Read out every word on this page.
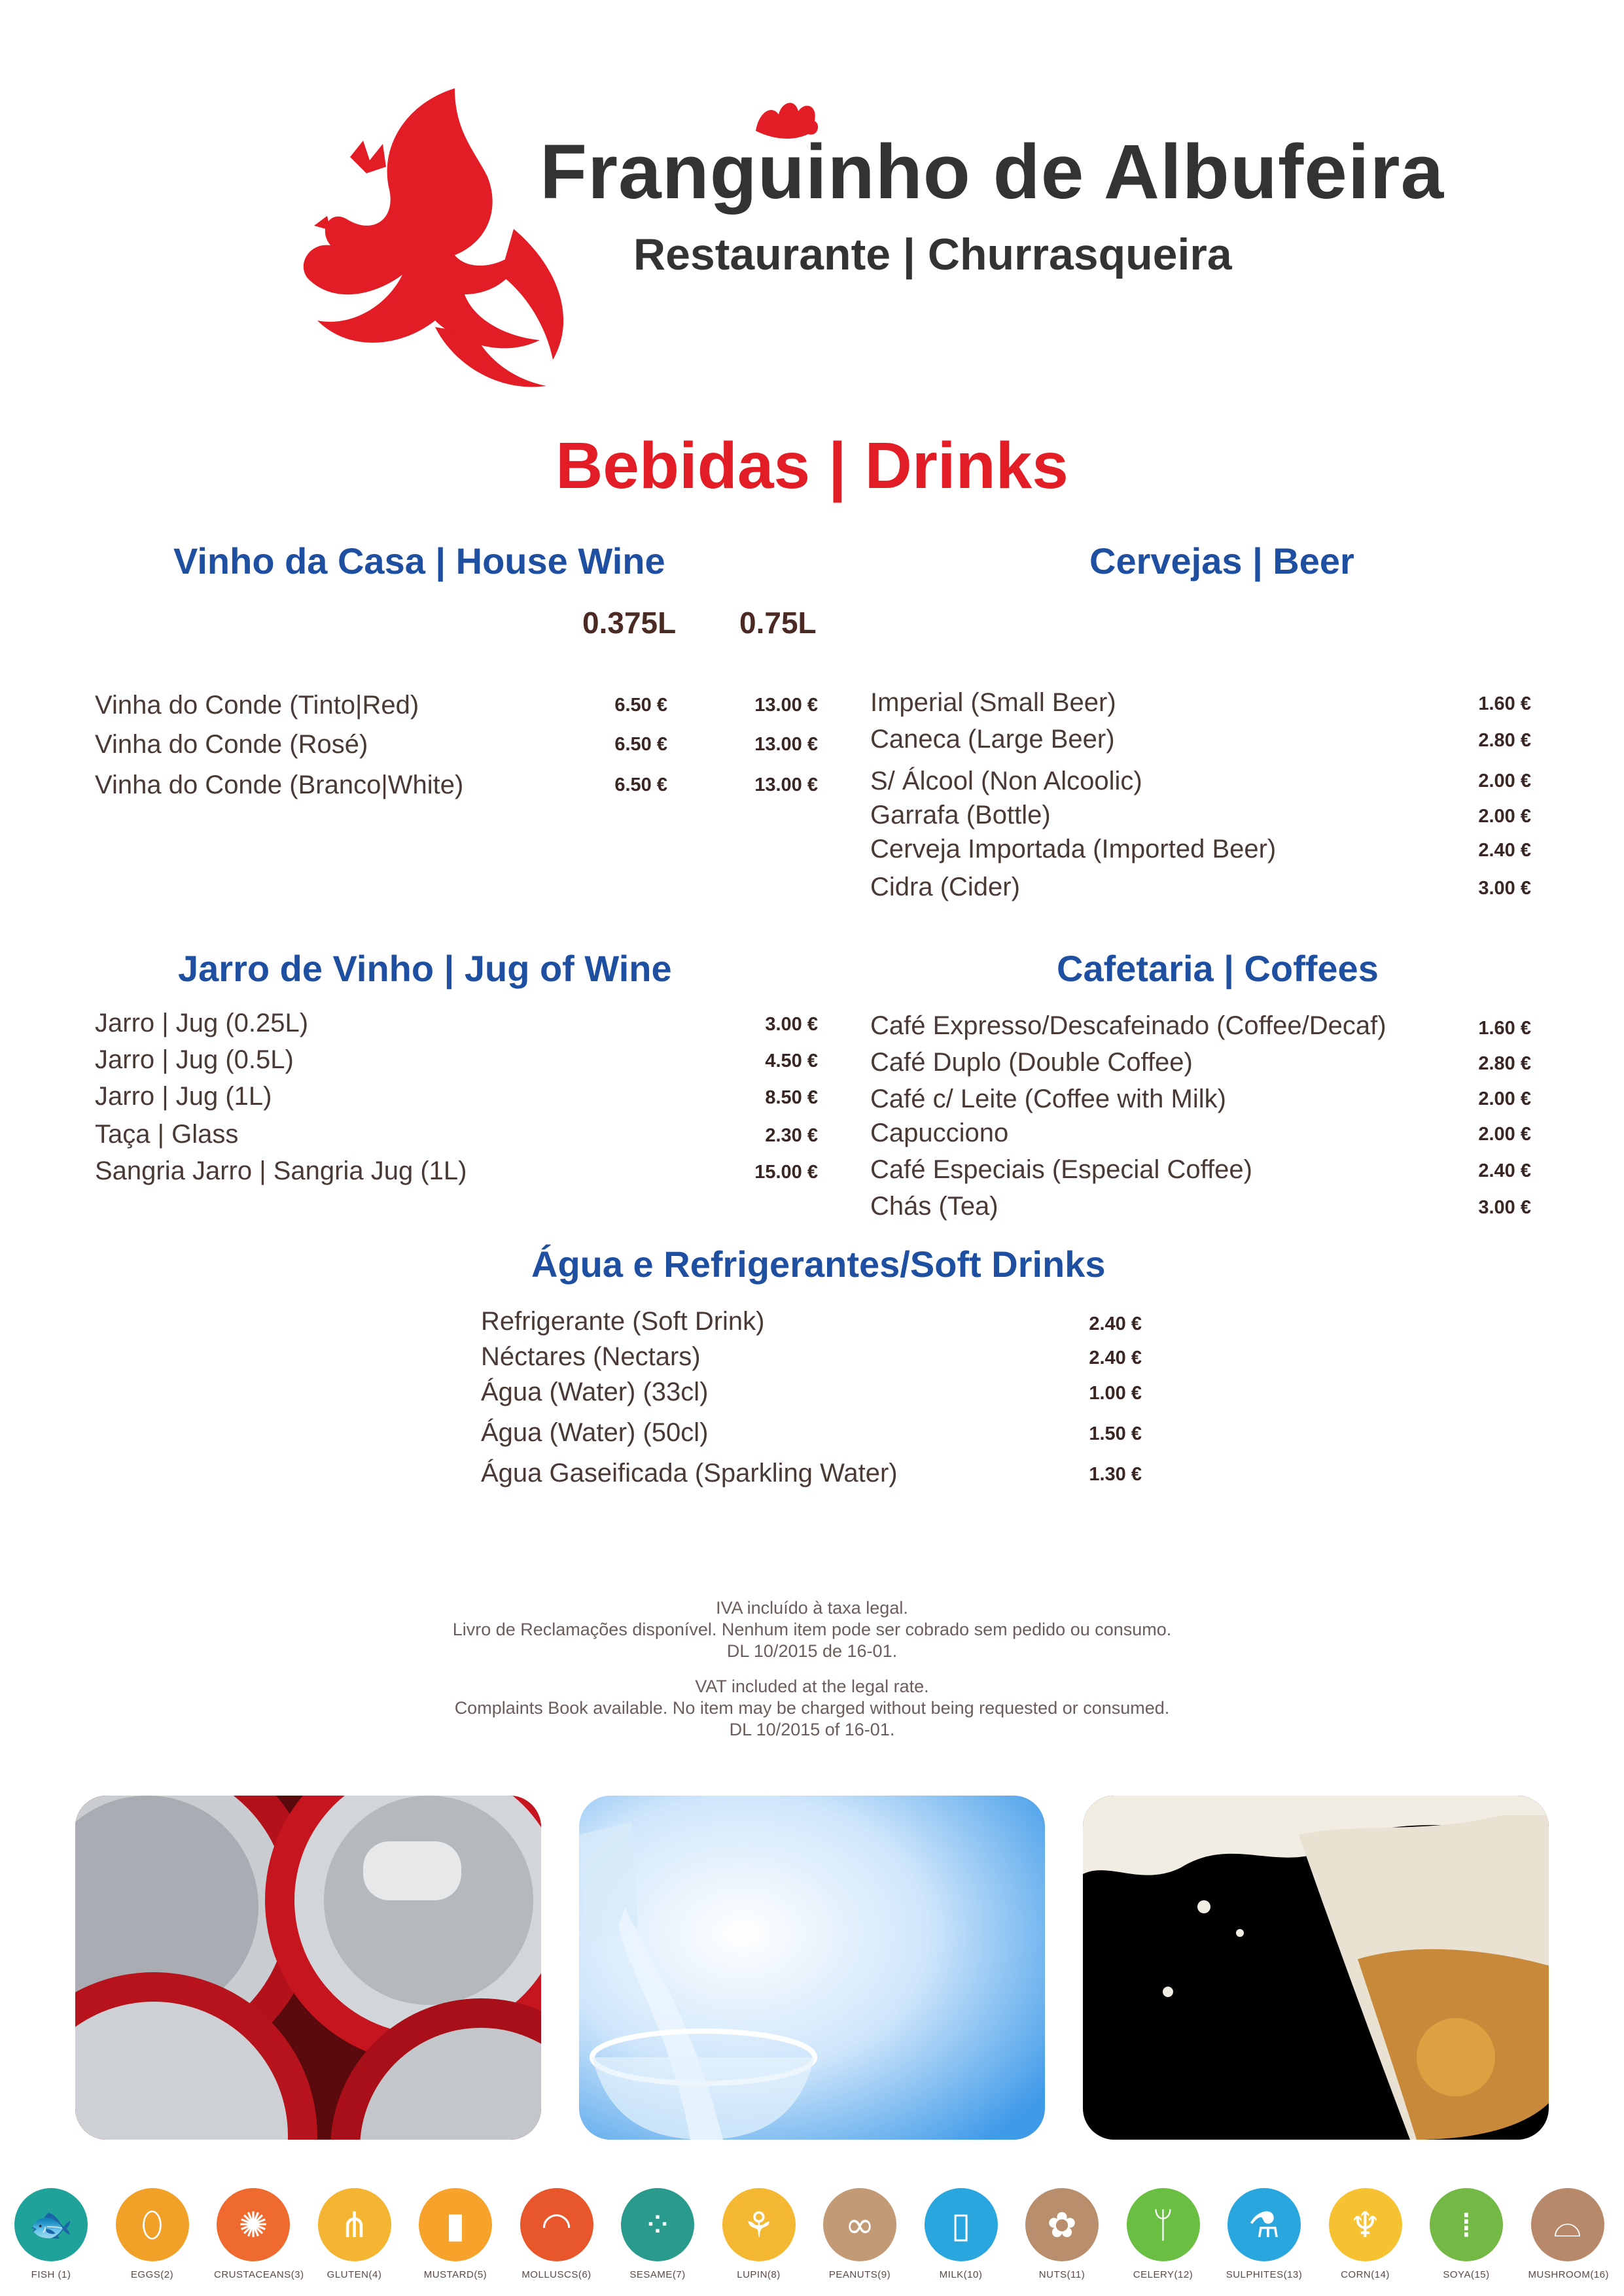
Franguinho de Albufeira
Restaurante | Churrasqueira
Bebidas | Drinks
Vinho da Casa | House Wine
0.375L 0.75L
Vinha do Conde (Tinto|Red)	6.50 €	13.00 €
Vinha do Conde (Rosé)	6.50 €	13.00 €
Vinha do Conde (Branco|White)	6.50 €	13.00 €
Cervejas | Beer
Imperial (Small Beer)	1.60 €
Caneca (Large Beer)	2.80 €
S/ Álcool (Non Alcoolic)	2.00 €
Garrafa (Bottle)	2.00 €
Cerveja Importada (Imported Beer)	2.40 €
Cidra (Cider)	3.00 €
Jarro de Vinho | Jug of Wine
Jarro | Jug (0.25L)	3.00 €
Jarro | Jug (0.5L)	4.50 €
Jarro | Jug (1L)	8.50 €
Taça | Glass	2.30 €
Sangria Jarro | Sangria Jug (1L)	15.00 €
Cafetaria | Coffees
Café Expresso/Descafeinado (Coffee/Decaf)	1.60 €
Café Duplo (Double Coffee)	2.80 €
Café c/ Leite (Coffee with Milk)	2.00 €
Capucciono	2.00 €
Café Especiais (Especial Coffee)	2.40 €
Chás (Tea)	3.00 €
Água e Refrigerantes/Soft Drinks
Refrigerante (Soft Drink)	2.40 €
Néctares (Nectars)	2.40 €
Água (Water) (33cl)	1.00 €
Água (Water) (50cl)	1.50 €
Água Gaseificada (Sparkling Water)	1.30 €
IVA incluído à taxa legal.
Livro de Reclamações disponível. Nenhum item pode ser cobrado sem pedido ou consumo.
DL 10/2015 de 16-01.
VAT included at the legal rate.
Complaints Book available. No item may be charged without being requested or consumed.
DL 10/2015 of 16-01.
🐟
FISH (1)
⬯
EGGS(2)
✺
CRUSTACEANS(3)
⋔
GLUTEN(4)
▮
MUSTARD(5)
◠
MOLLUSCS(6)
⁘
SESAME(7)
⚘
LUPIN(8)
∞
PEANUTS(9)
▯
MILK(10)
✿
NUTS(11)
ᛘ
CELERY(12)
⚗
SULPHITES(13)
♆
CORN(14)
⁞
SOYA(15)
⌓
MUSHROOM(16)
